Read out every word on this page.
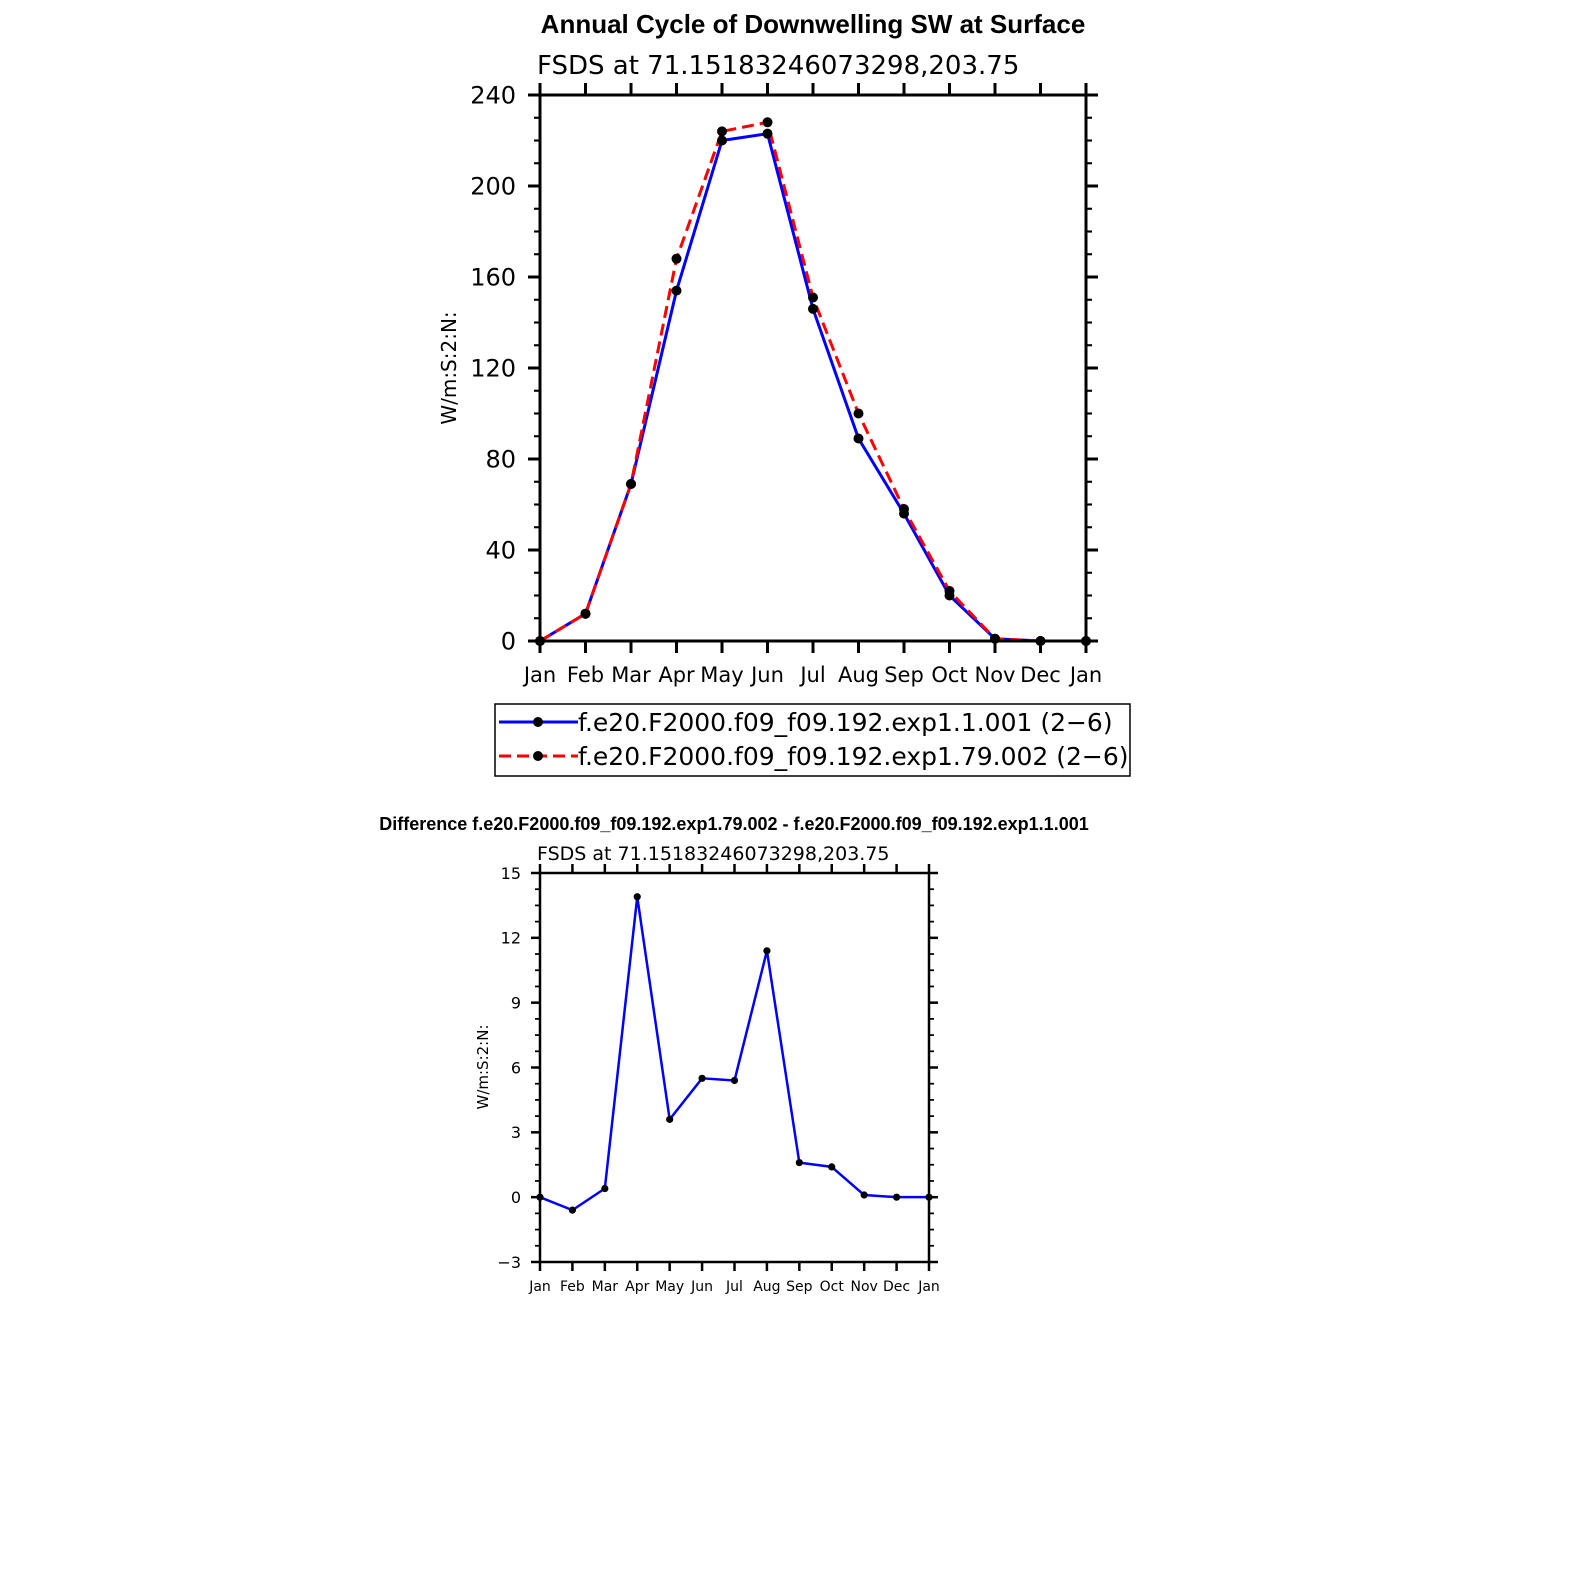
Annual Cycle of Downwelling SW at Surface
FSDS at 71.15183246073298,203.75
W/m:S:2:N:
0
40
80
120
160
200
240
Jan Feb Mar Apr May Jun Jul Aug Sep Oct Nov Dec Jan
f.e20.F2000.f09_f09.192.exp1.1.001 (2−6)
f.e20.F2000.f09_f09.192.exp1.79.002 (2−6)
Difference f.e20.F2000.f09_f09.192.exp1.79.002 - f.e20.F2000.f09_f09.192.exp1.1.001
FSDS at 71.15183246073298,203.75
W/m:S:2:N:
−3
0
3
6
9
12
15
Jan Feb Mar Apr May Jun Jul Aug Sep Oct Nov Dec Jan
